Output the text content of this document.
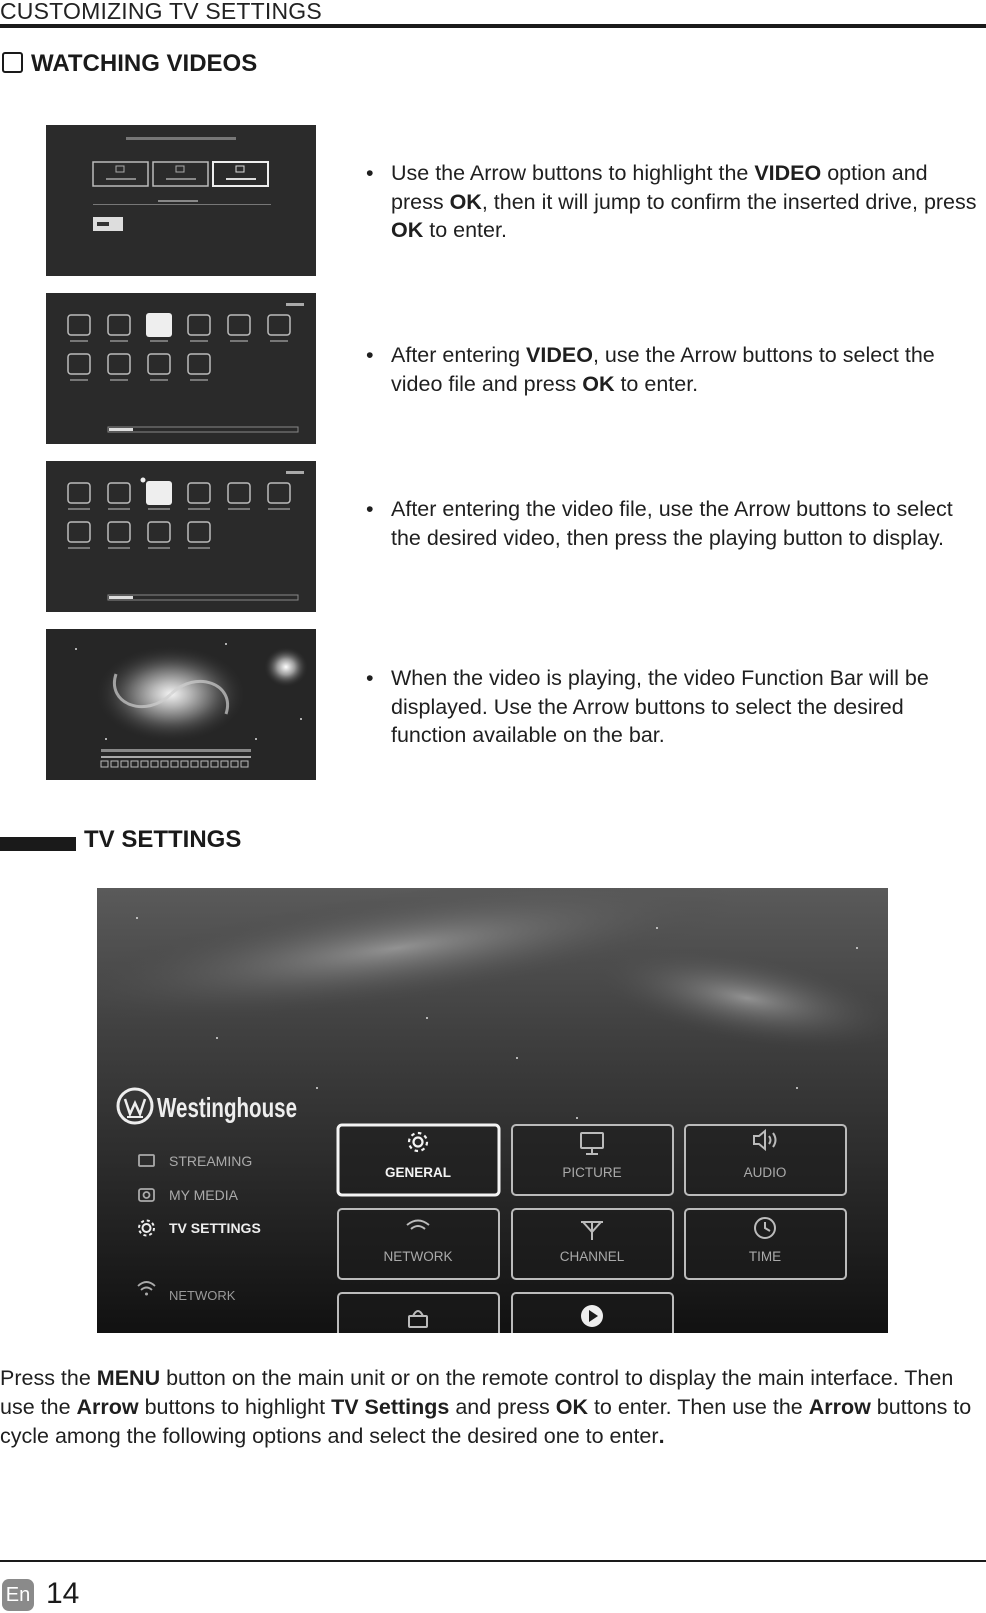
CUSTOMIZING TV SETTINGS
WATCHING VIDEOS
• Use the Arrow buttons to highlight the VIDEO option and press OK, then it will jump to confirm the inserted drive, press OK to enter.
• After entering VIDEO, use the Arrow buttons to select the video file and press OK to enter.
• After entering the video file, use the Arrow buttons to select the desired video, then press the playing button to display.
• When the video is playing, the video Function Bar will be displayed. Use the Arrow buttons to select the desired function available on the bar.
TV SETTINGS
Westinghouse
STREAMING
MY MEDIA
TV SETTINGS
NETWORK
GENERAL	PICTURE	AUDIO
NETWORK	CHANNEL	TIME
Press the MENU button on the main unit or on the remote control to display the main interface. Then use the Arrow buttons to highlight TV Settings and press OK to enter. Then use the Arrow buttons to cycle among the following options and select the desired one to enter.
En 14
